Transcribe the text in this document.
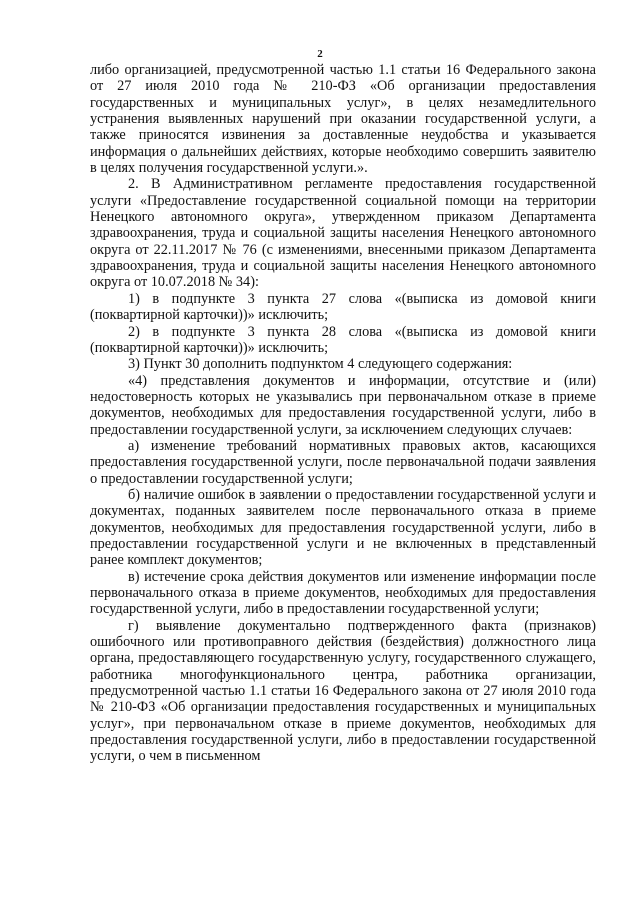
2

либо организацией, предусмотренной частью 1.1 статьи 16 Федерального закона от 27 июля 2010 года № 210-ФЗ «Об организации предоставления государственных и муниципальных услуг», в целях незамедлительного устранения выявленных нарушений при оказании государственной услуги, а также приносятся извинения за доставленные неудобства и указывается информация о дальнейших действиях, которые необходимо совершить заявителю в целях получения государственной услуги.».

2. В Административном регламенте предоставления государственной услуги «Предоставление государственной социальной помощи на территории Ненецкого автономного округа», утвержденном приказом Департамента здравоохранения, труда и социальной защиты населения Ненецкого автономного округа от 22.11.2017 № 76 (с изменениями, внесенными приказом Департамента здравоохранения, труда и социальной защиты населения Ненецкого автономного округа от 10.07.2018 № 34):

1) в подпункте 3 пункта 27 слова «(выписка из домовой книги (поквартирной карточки))» исключить;

2) в подпункте 3 пункта 28 слова «(выписка из домовой книги (поквартирной карточки))» исключить;

3) Пункт 30 дополнить подпунктом 4 следующего содержания:

«4) представления документов и информации, отсутствие и (или) недостоверность которых не указывались при первоначальном отказе в приеме документов, необходимых для предоставления государственной услуги, либо в предоставлении государственной услуги, за исключением следующих случаев:

а) изменение требований нормативных правовых актов, касающихся предоставления государственной услуги, после первоначальной подачи заявления о предоставлении государственной услуги;

б) наличие ошибок в заявлении о предоставлении государственной услуги и документах, поданных заявителем после первоначального отказа в приеме документов, необходимых для предоставления государственной услуги, либо в предоставлении государственной услуги и не включенных в представленный ранее комплект документов;

в) истечение срока действия документов или изменение информации после первоначального отказа в приеме документов, необходимых для предоставления государственной услуги, либо в предоставлении государственной услуги;

г) выявление документально подтвержденного факта (признаков) ошибочного или противоправного действия (бездействия) должностного лица органа, предоставляющего государственную услугу, государственного служащего, работника многофункционального центра, работника организации, предусмотренной частью 1.1 статьи 16 Федерального закона от 27 июля 2010 года № 210-ФЗ «Об организации предоставления государственных и муниципальных услуг», при первоначальном отказе в приеме документов, необходимых для предоставления государственной услуги, либо в предоставлении государственной услуги, о чем в письменном
